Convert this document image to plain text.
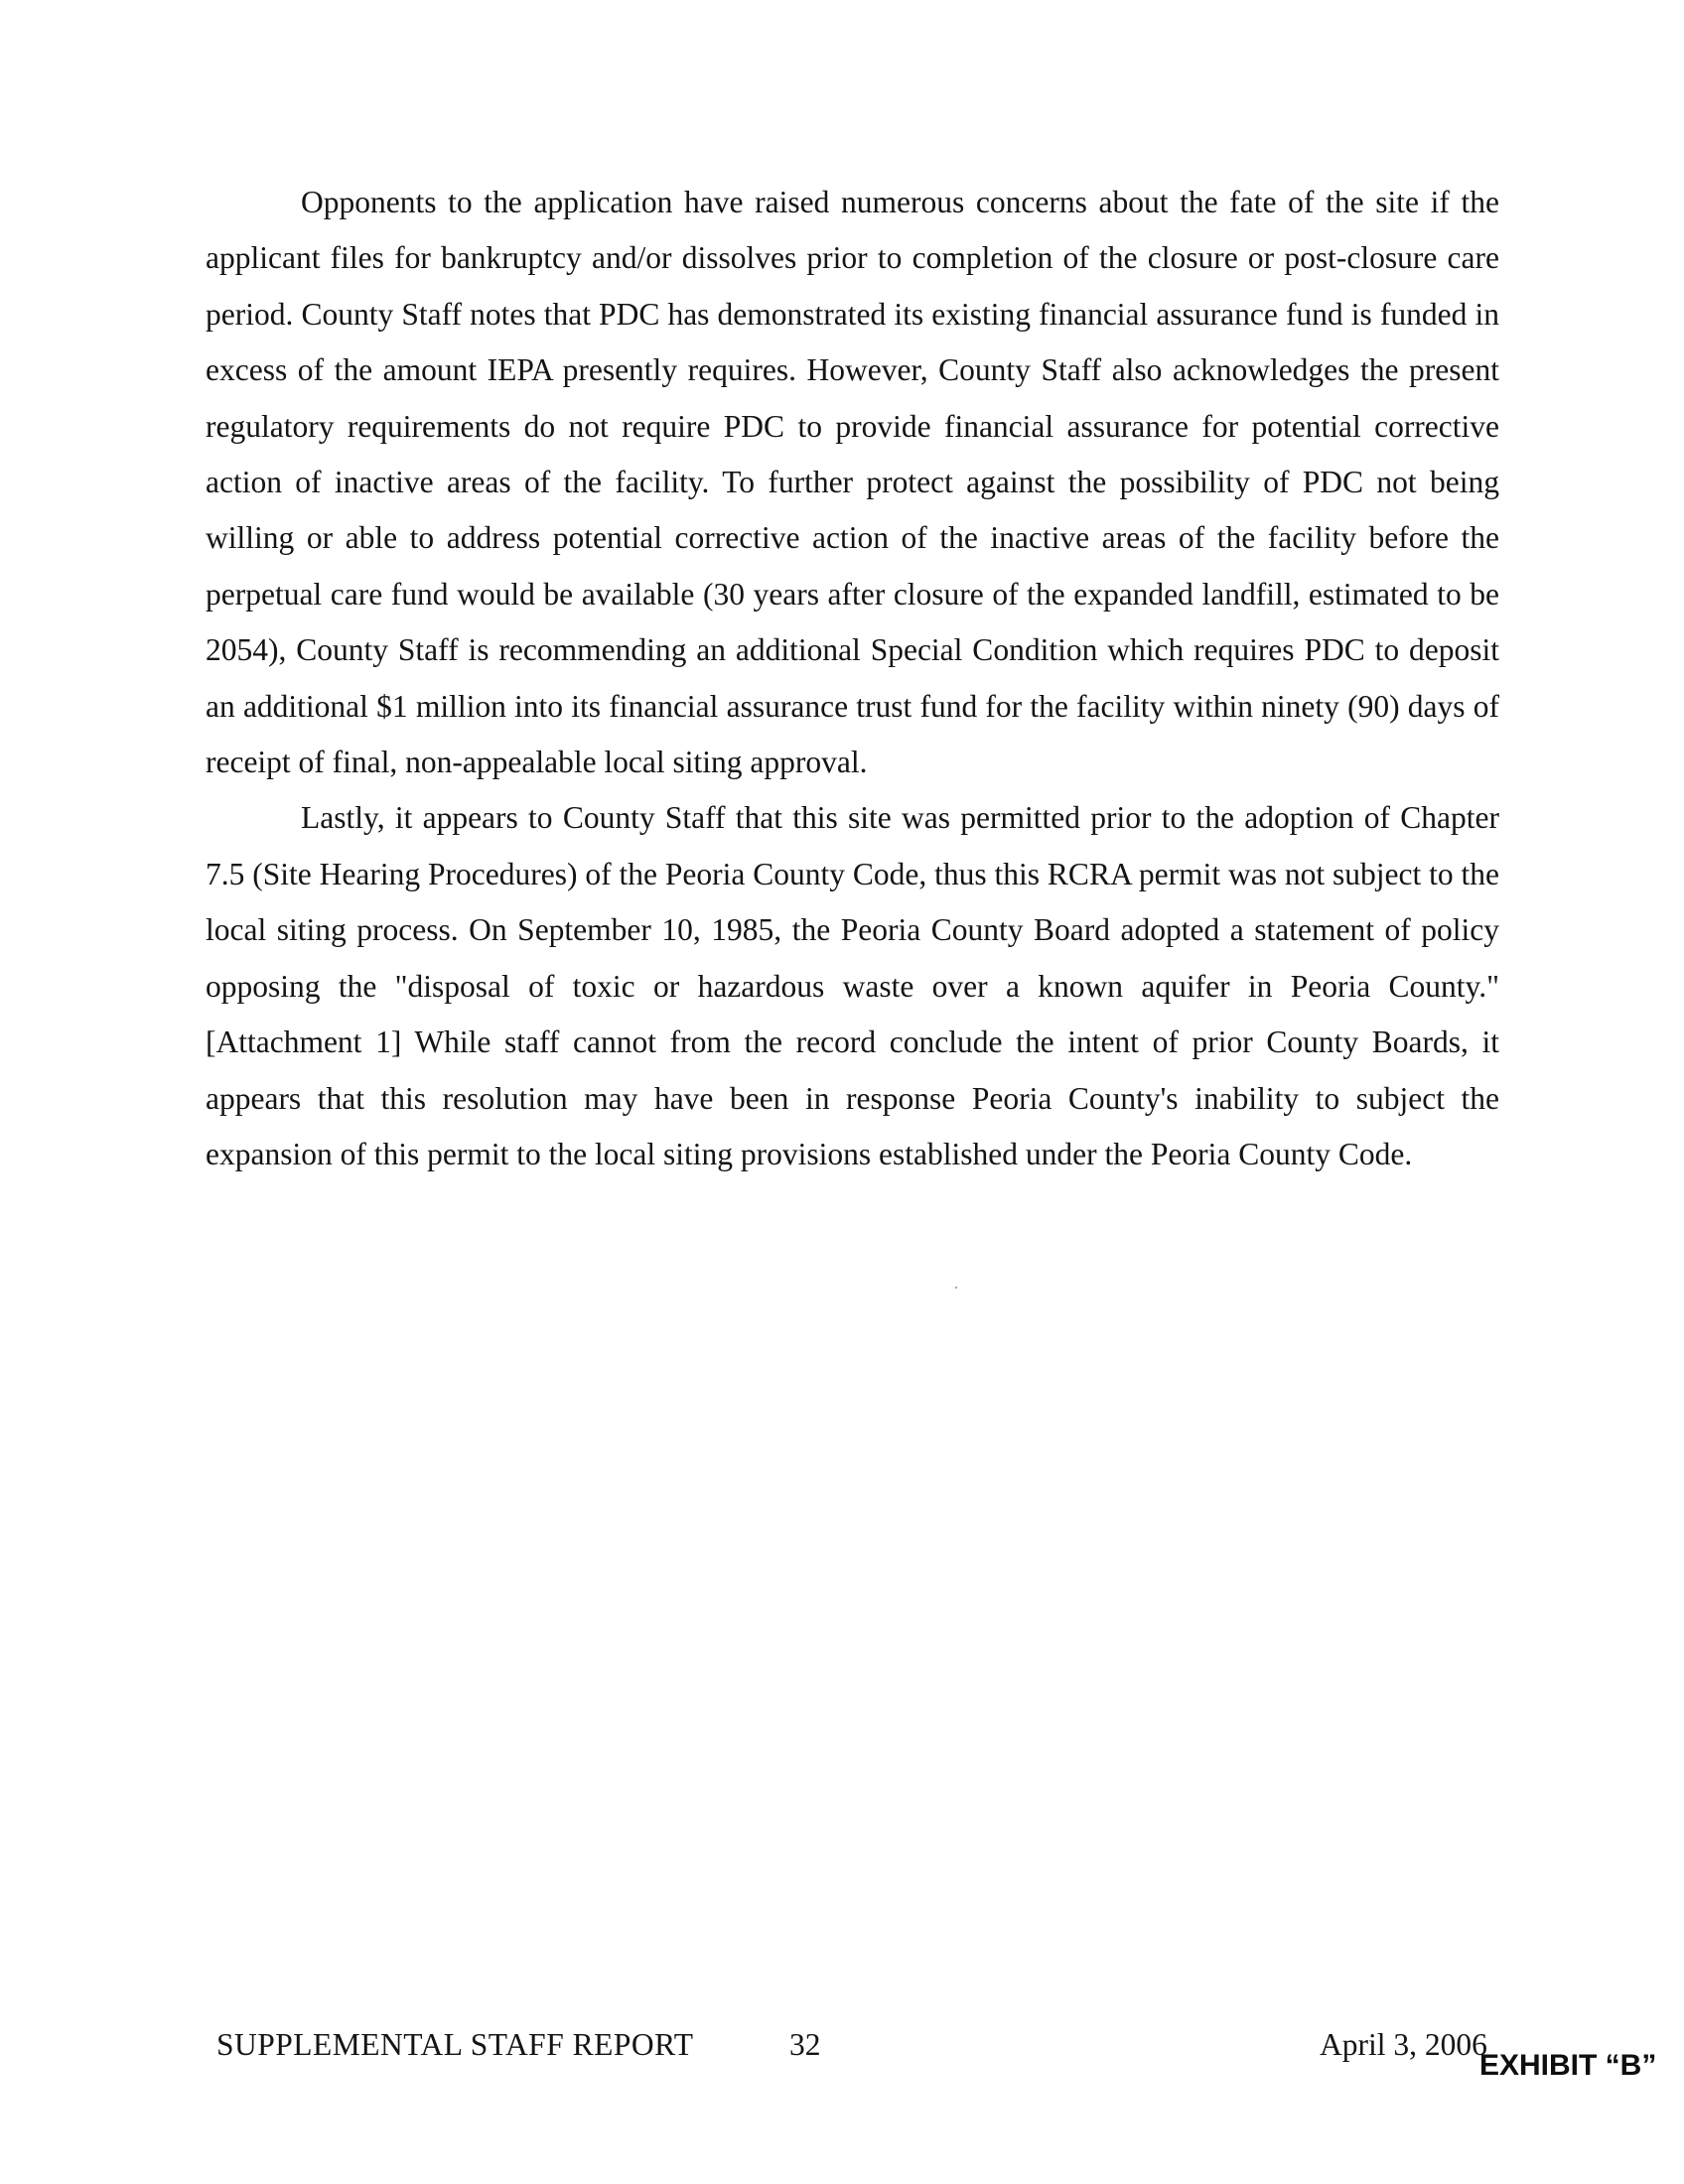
Opponents to the application have raised numerous concerns about the fate of the site if the applicant files for bankruptcy and/or dissolves prior to completion of the closure or post-closure care period. County Staff notes that PDC has demonstrated its existing financial assurance fund is funded in excess of the amount IEPA presently requires. However, County Staff also acknowledges the present regulatory requirements do not require PDC to provide financial assurance for potential corrective action of inactive areas of the facility. To further protect against the possibility of PDC not being willing or able to address potential corrective action of the inactive areas of the facility before the perpetual care fund would be available (30 years after closure of the expanded landfill, estimated to be 2054), County Staff is recommending an additional Special Condition which requires PDC to deposit an additional $1 million into its financial assurance trust fund for the facility within ninety (90) days of receipt of final, non-appealable local siting approval.

Lastly, it appears to County Staff that this site was permitted prior to the adoption of Chapter 7.5 (Site Hearing Procedures) of the Peoria County Code, thus this RCRA permit was not subject to the local siting process. On September 10, 1985, the Peoria County Board adopted a statement of policy opposing the "disposal of toxic or hazardous waste over a known aquifer in Peoria County." [Attachment 1] While staff cannot from the record conclude the intent of prior County Boards, it appears that this resolution may have been in response Peoria County's inability to subject the expansion of this permit to the local siting provisions established under the Peoria County Code.

SUPPLEMENTAL STAFF REPORT	32	April 3, 2006
EXHIBIT “B”
